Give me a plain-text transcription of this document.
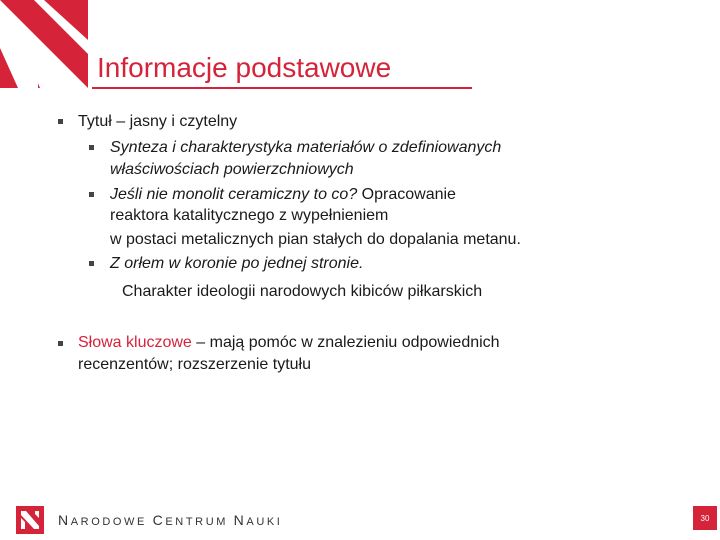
Informacje podstawowe
Tytuł – jasny i czytelny
Synteza i charakterystyka materiałów o zdefiniowanych
właściwościach powierzchniowych
Jeśli nie monolit ceramiczny to co? Opracowanie
reaktora katalitycznego z wypełnieniem
w postaci metalicznych pian stałych do dopalania metanu.
Z orłem w koronie po jednej stronie.
Charakter ideologii narodowych kibiców piłkarskich
Słowa kluczowe – mają pomóc w znalezieniu odpowiednich
recenzentów; rozszerzenie tytułu
NARODOWE CENTRUM NAUKI	30
